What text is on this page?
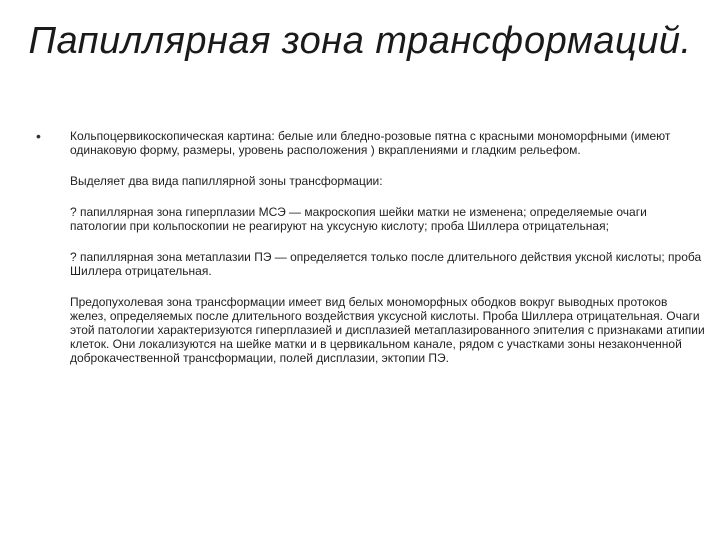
Папиллярная зона трансформаций.
• Кольпоцервикоскопическая картина: белые или бледно-розовые пятна с красными мономорфными (имеют одинаковую форму, размеры, уровень расположения ) вкраплениями и гладким рельефом.

Выделяет два вида папиллярной зоны трансформации:

? папиллярная зона гиперплазии МСЭ — макроскопия шейки матки не изменена; определяемые очаги патологии при кольпоскопии не реагируют на уксусную кислоту; проба Шиллера отрицательная;

? папиллярная зона метаплазии ПЭ — определяется только после длительного действия уксной кислоты; проба Шиллера отрицательная.

Предопухолевая зона трансформации имеет вид белых мономорфных ободков вокруг выводных протоков желез, определяемых после длительного воздействия уксусной кислоты. Проба Шиллера отрицательная. Очаги этой патологии характеризуются гиперплазией и дисплазией метаплазированного эпителия с признаками атипии клеток. Они локализуются на шейке матки и в цервикальном канале, рядом с участками зоны незаконченной доброкачественной трансформации, полей дисплазии, эктопии ПЭ.
